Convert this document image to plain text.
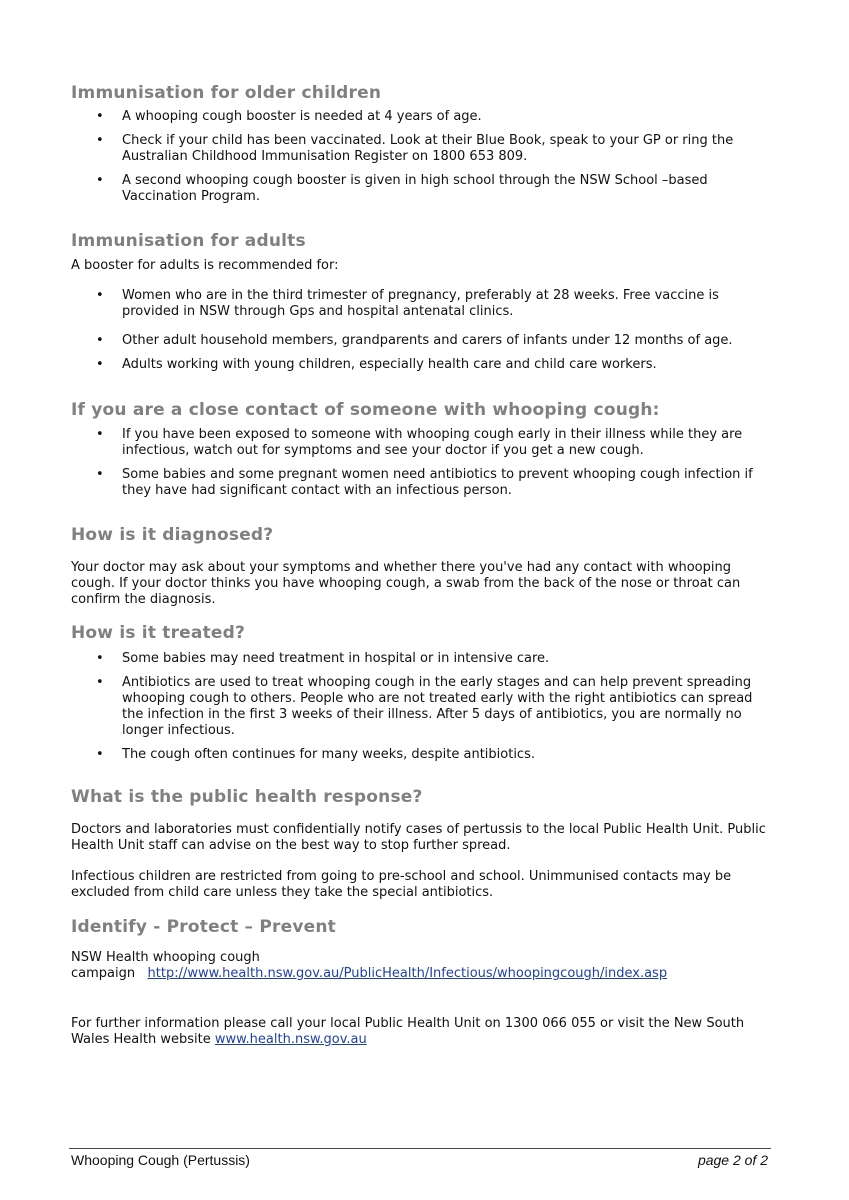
Immunisation for older children
• A whooping cough booster is needed at 4 years of age.
• Check if your child has been vaccinated. Look at their Blue Book, speak to your GP or ring the Australian Childhood Immunisation Register on 1800 653 809.
• A second whooping cough booster is given in high school through the NSW School –based Vaccination Program.
Immunisation for adults

A booster for adults is recommended for:

• Women who are in the third trimester of pregnancy, preferably at 28 weeks. Free vaccine is provided in NSW through Gps and hospital antenatal clinics.
• Other adult household members, grandparents and carers of infants under 12 months of age.
• Adults working with young children, especially health care and child care workers.
If you are a close contact of someone with whooping cough:
• If you have been exposed to someone with whooping cough early in their illness while they are infectious, watch out for symptoms and see your doctor if you get a new cough.
• Some babies and some pregnant women need antibiotics to prevent whooping cough infection if they have had significant contact with an infectious person.
How is it diagnosed?

Your doctor may ask about your symptoms and whether there you've had any contact with whooping cough. If your doctor thinks you have whooping cough, a swab from the back of the nose or throat can confirm the diagnosis.

How is it treated?
• Some babies may need treatment in hospital or in intensive care.
• Antibiotics are used to treat whooping cough in the early stages and can help prevent spreading whooping cough to others. People who are not treated early with the right antibiotics can spread the infection in the first 3 weeks of their illness. After 5 days of antibiotics, you are normally no longer infectious.
• The cough often continues for many weeks, despite antibiotics.
What is the public health response?

Doctors and laboratories must confidentially notify cases of pertussis to the local Public Health Unit. Public Health Unit staff can advise on the best way to stop further spread.

Infectious children are restricted from going to pre-school and school. Unimmunised contacts may be excluded from child care unless they take the special antibiotics.

Identify - Protect – Prevent

NSW Health whooping cough

campaign http://www.health.nsw.gov.au/PublicHealth/Infectious/whoopingcough/index.asp

For further information please call your local Public Health Unit on 1300 066 055 or visit the New South Wales Health website www.health.nsw.gov.au

Whooping Cough (Pertussis)	page 2 of 2
